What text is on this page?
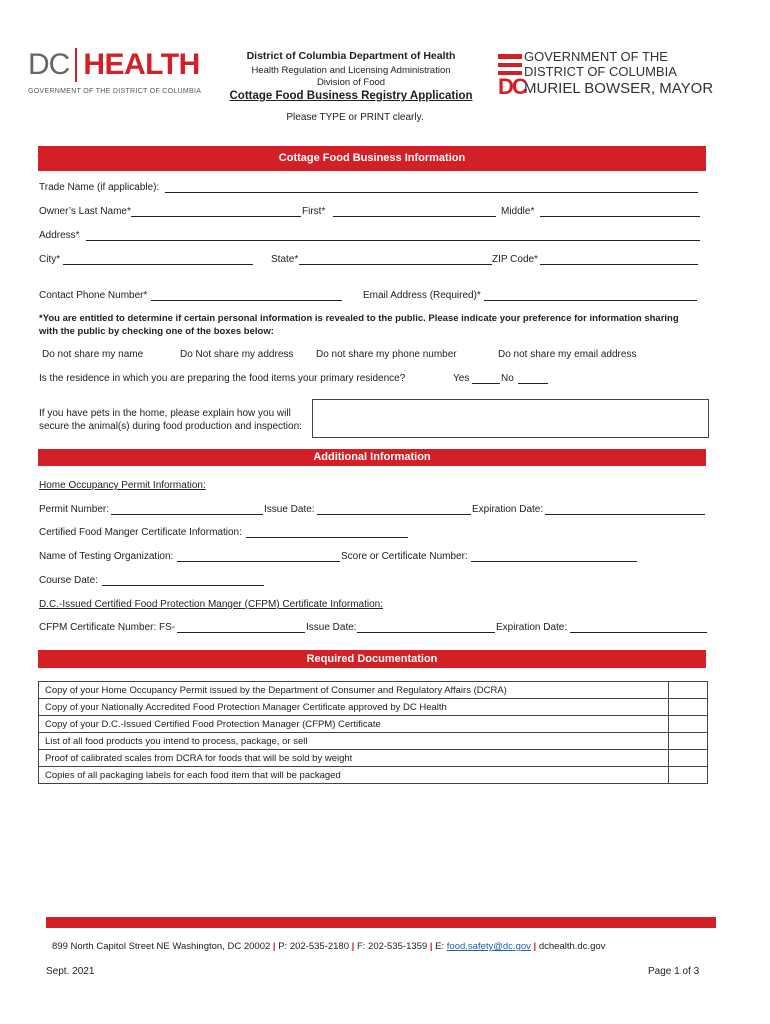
DC HEALTH
GOVERNMENT OF THE DISTRICT OF COLUMBIA
District of Columbia Department of Health
Health Regulation and Licensing Administration
Division of Food
Cottage Food Business Registry Application	DC
GOVERNMENT OF THE
DISTRICT OF COLUMBIA
MURIEL BOWSER, MAYOR
Please TYPE or PRINT clearly.
Cottage Food Business Information
Trade Name (if applicable):
Owner’s Last Name*	First*	Middle*
Address*
City*	State*	ZIP Code*
Contact Phone Number*	Email Address (Required)*
*You are entitled to determine if certain personal information is revealed to the public. Please indicate your preference for information sharing with the public by checking one of the boxes below:
Do not share my name	Do Not share my address Do not share my phone number	Do not share my email address
Is the residence in which you are preparing the food items your primary residence?	Yes	No
If you have pets in the home, please explain how you will secure the animal(s) during food production and inspection:
Additional Information
Home Occupancy Permit Information:
Permit Number:	Issue Date:	Expiration Date:
Certified Food Manger Certificate Information:
Name of Testing Organization:	Score or Certificate Number:
Course Date:
D.C.-Issued Certified Food Protection Manger (CFPM) Certificate Information:
CFPM Certificate Number: FS-	Issue Date:	Expiration Date:
Required Documentation
Copy of your Home Occupancy Permit issued by the Department of Consumer and Regulatory Affairs (DCRA)	
Copy of your Nationally Accredited Food Protection Manager Certificate approved by DC Health	
Copy of your D.C.-Issued Certified Food Protection Manager (CFPM) Certificate	
List of all food products you intend to process, package, or sell	
Proof of calibrated scales from DCRA for foods that will be sold by weight	
Copies of all packaging labels for each food item that will be packaged	
899 North Capitol Street NE Washington, DC 20002 | P: 202-535-2180 | F: 202-535-1359 | E: food.safety@dc.gov | dchealth.dc.gov
Sept. 2021	Page 1 of 3
